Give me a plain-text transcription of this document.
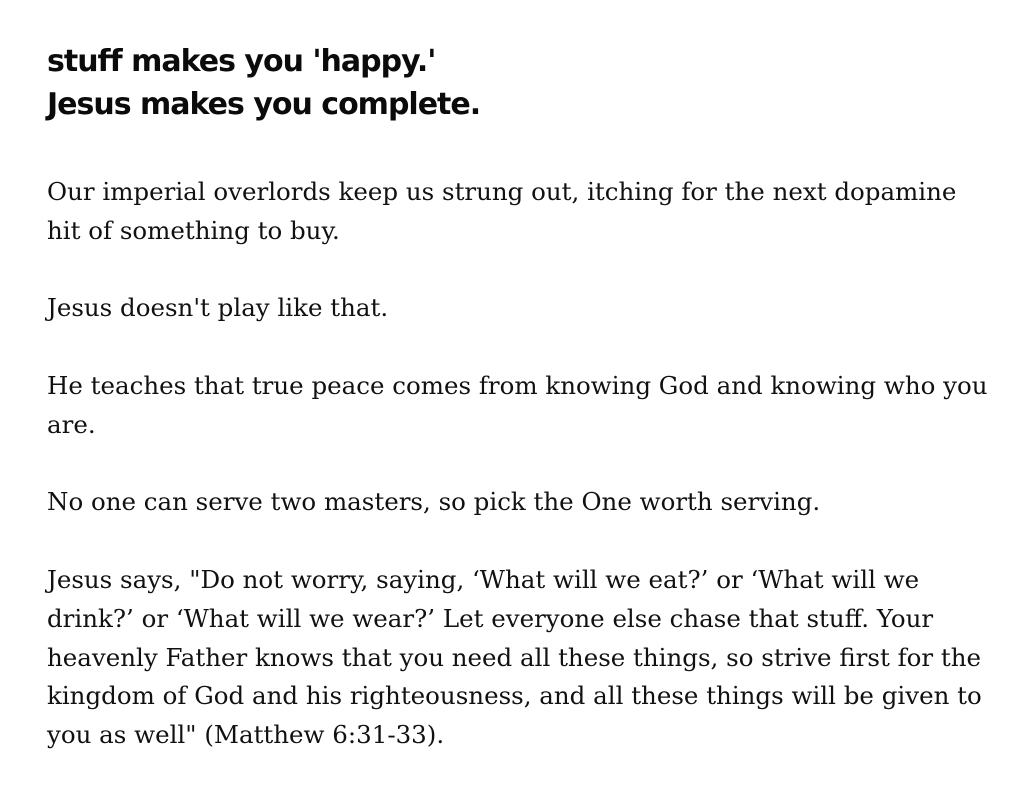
stuff makes you 'happy.'
Jesus makes you complete.

Our imperial overlords keep us strung out, itching for the next dopamine hit of something to buy.

Jesus doesn't play like that.

He teaches that true peace comes from knowing God and knowing who you are.

No one can serve two masters, so pick the One worth serving.

Jesus says, "Do not worry, saying, ‘What will we eat?’ or ‘What will we drink?’ or ‘What will we wear?’ Let everyone else chase that stuff. Your heavenly Father knows that you need all these things, so strive first for the kingdom of God and his righteousness, and all these things will be given to you as well" (Matthew 6:31-33).
